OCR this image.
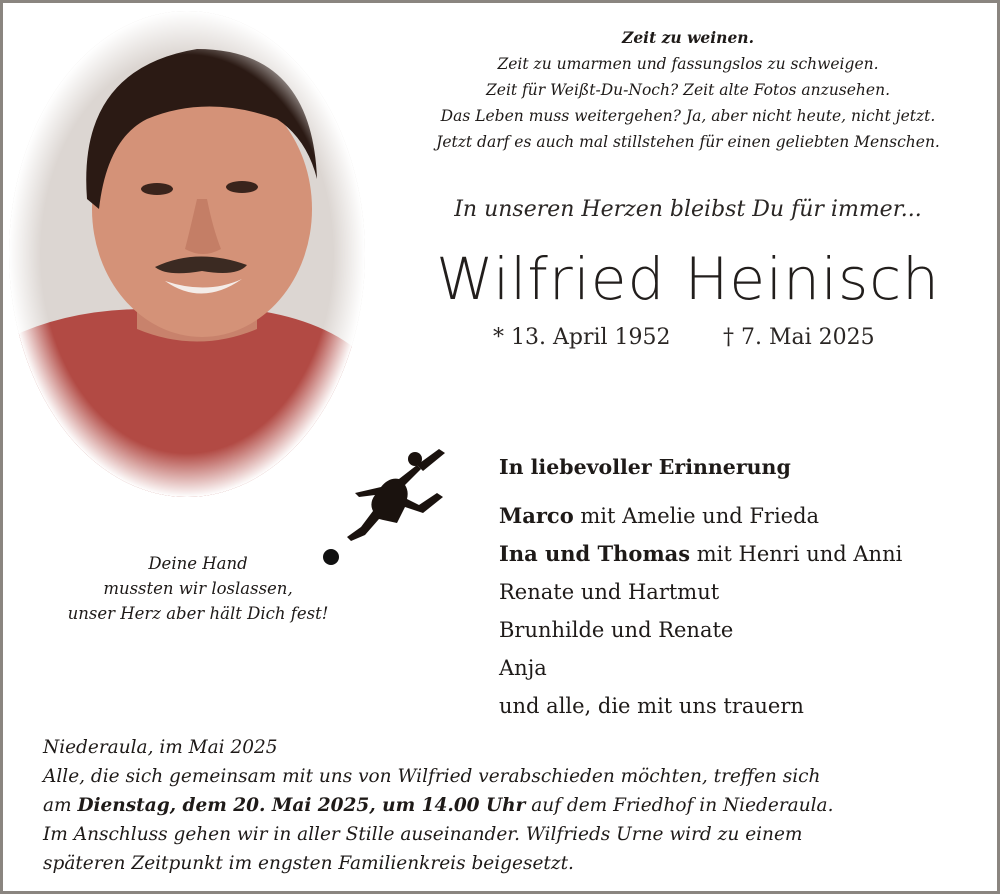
Zeit zu weinen.
Zeit zu umarmen und fassungslos zu schweigen.
Zeit für Weißt-Du-Noch? Zeit alte Fotos anzusehen.
Das Leben muss weitergehen? Ja, aber nicht heute, nicht jetzt.
Jetzt darf es auch mal stillstehen für einen geliebten Menschen.
In unseren Herzen bleibst Du für immer...
Wilfried Heinisch
* 13. April 1952 † 7. Mai 2025
Deine Hand
mussten wir loslassen,
unser Herz aber hält Dich fest!
In liebevoller Erinnerung
Marco mit Amelie und Frieda
Ina und Thomas mit Henri und Anni
Renate und Hartmut
Brunhilde und Renate
Anja
und alle, die mit uns trauern
Niederaula, im Mai 2025
Alle, die sich gemeinsam mit uns von Wilfried verabschieden möchten, treffen sich
am Dienstag, dem 20. Mai 2025, um 14.00 Uhr auf dem Friedhof in Niederaula.
Im Anschluss gehen wir in aller Stille auseinander. Wilfrieds Urne wird zu einem
späteren Zeitpunkt im engsten Familienkreis beigesetzt.
